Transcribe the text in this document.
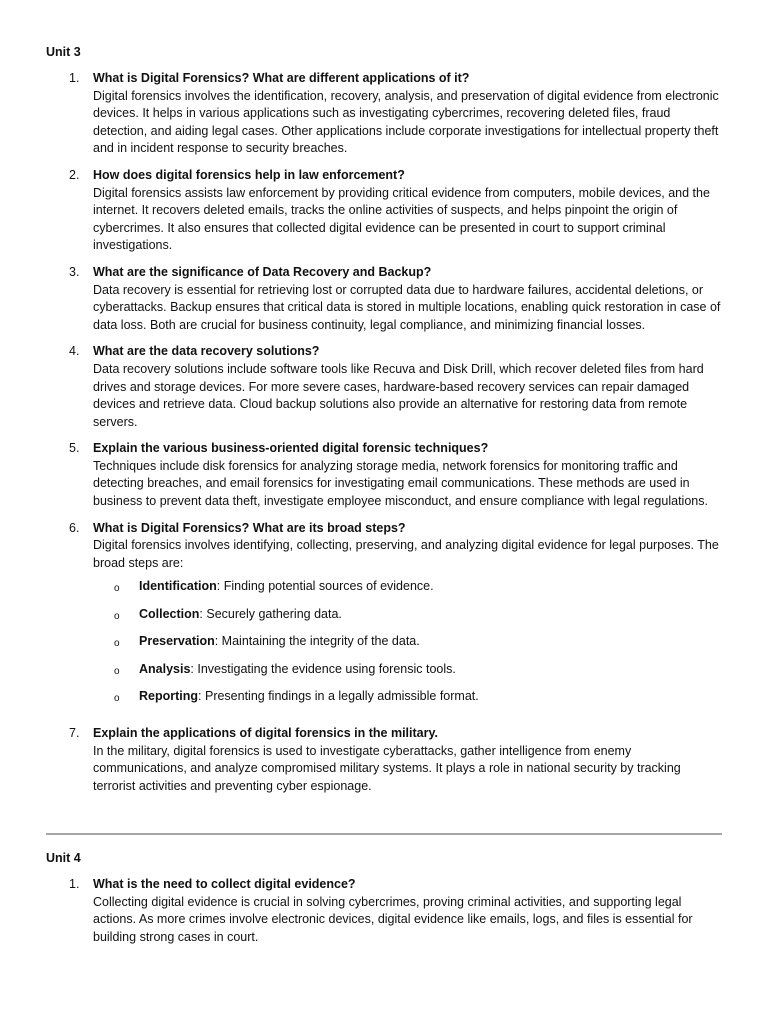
Unit 3
1.	What is Digital Forensics? What are different applications of it?
Digital forensics involves the identification, recovery, analysis, and preservation of digital evidence from electronic devices. It helps in various applications such as investigating cybercrimes, recovering deleted files, fraud detection, and aiding legal cases. Other applications include corporate investigations for intellectual property theft and in incident response to security breaches.
2.	How does digital forensics help in law enforcement?
Digital forensics assists law enforcement by providing critical evidence from computers, mobile devices, and the internet. It recovers deleted emails, tracks the online activities of suspects, and helps pinpoint the origin of cybercrimes. It also ensures that collected digital evidence can be presented in court to support criminal investigations.
3.	What are the significance of Data Recovery and Backup?
Data recovery is essential for retrieving lost or corrupted data due to hardware failures, accidental deletions, or cyberattacks. Backup ensures that critical data is stored in multiple locations, enabling quick restoration in case of data loss. Both are crucial for business continuity, legal compliance, and minimizing financial losses.
4.	What are the data recovery solutions?
Data recovery solutions include software tools like Recuva and Disk Drill, which recover deleted files from hard drives and storage devices. For more severe cases, hardware-based recovery services can repair damaged devices and retrieve data. Cloud backup solutions also provide an alternative for restoring data from remote servers.
5.	Explain the various business-oriented digital forensic techniques?
Techniques include disk forensics for analyzing storage media, network forensics for monitoring traffic and detecting breaches, and email forensics for investigating email communications. These methods are used in business to prevent data theft, investigate employee misconduct, and ensure compliance with legal regulations.
6.	What is Digital Forensics? What are its broad steps?
Digital forensics involves identifying, collecting, preserving, and analyzing digital evidence for legal purposes. The broad steps are:
o Identification: Finding potential sources of evidence.
o Collection: Securely gathering data.
o Preservation: Maintaining the integrity of the data.
o Analysis: Investigating the evidence using forensic tools.
o Reporting: Presenting findings in a legally admissible format.
7.	Explain the applications of digital forensics in the military.
In the military, digital forensics is used to investigate cyberattacks, gather intelligence from enemy communications, and analyze compromised military systems. It plays a role in national security by tracking terrorist activities and preventing cyber espionage.
Unit 4
1.	What is the need to collect digital evidence?
Collecting digital evidence is crucial in solving cybercrimes, proving criminal activities, and supporting legal actions. As more crimes involve electronic devices, digital evidence like emails, logs, and files is essential for building strong cases in court.
